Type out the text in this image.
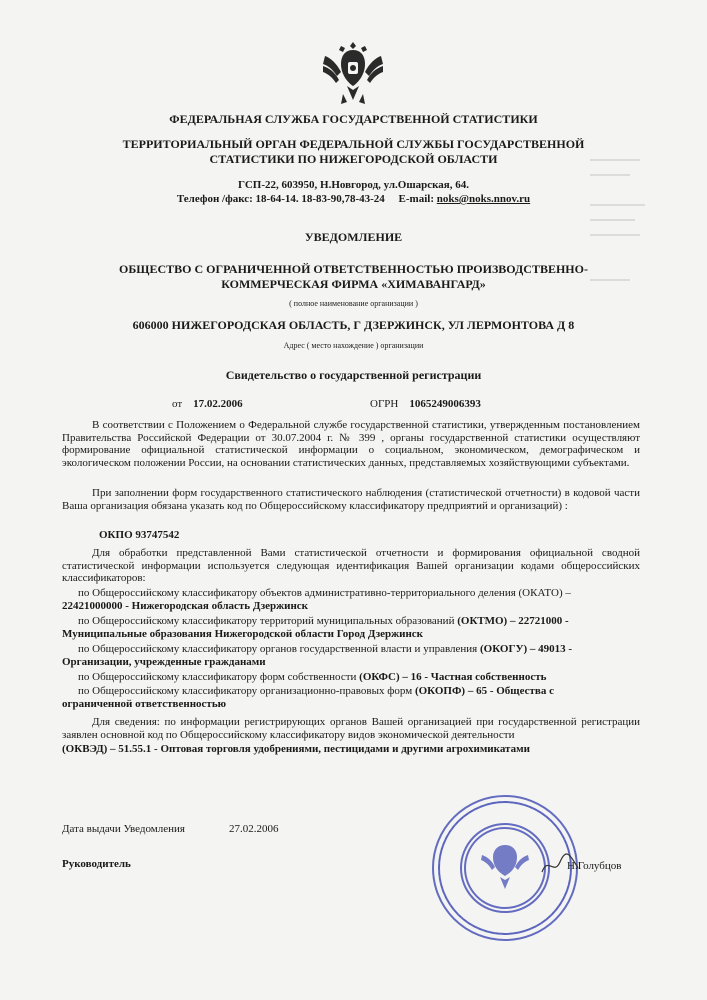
ФЕДЕРАЛЬНАЯ СЛУЖБА ГОСУДАРСТВЕННОЙ СТАТИСТИКИ
ТЕРРИТОРИАЛЬНЫЙ ОРГАН ФЕДЕРАЛЬНОЙ СЛУЖБЫ ГОСУДАРСТВЕННОЙ
СТАТИСТИКИ ПО НИЖЕГОРОДСКОЙ ОБЛАСТИ
ГСП-22, 603950, Н.Новгород, ул.Ошарская, 64.
Телефон /факс: 18-64-14. 18-83-90,78-43-24 E-mail: noks@noks.nnov.ru
УВЕДОМЛЕНИЕ
ОБЩЕСТВО С ОГРАНИЧЕННОЙ ОТВЕТСТВЕННОСТЬЮ ПРОИЗВОДСТВЕННО-
КОММЕРЧЕСКАЯ ФИРМА «ХИМАВАНГАРД»
( полное наименование организации )
606000 НИЖЕГОРОДСКАЯ ОБЛАСТЬ, Г ДЗЕРЖИНСК, УЛ ЛЕРМОНТОВА Д 8
Адрес ( место нахождение ) организации
Свидетельство о государственной регистрации
от 17.02.2006	ОГРН 1065249006393
В соответствии с Положением о Федеральной службе государственной статистики, утвержденным постановлением Правительства Российской Федерации от 30.07.2004 г. № 399 , органы государственной статистики осуществляют формирование официальной статистической информации о социальном, экономическом, демографическом и экологическом положении России, на основании статистических данных, представляемых хозяйствующими субъектами.
При заполнении форм государственного статистического наблюдения (статистической отчетности) в кодовой части Ваша организация обязана указать код по Общероссийскому классификатору предприятий и организаций) :
ОКПО 93747542
Для обработки представленной Вами статистической отчетности и формирования официальной сводной статистической информации используется следующая идентификация Вашей организации кодами общероссийских классификаторов:
по Общероссийскому классификатору объектов административно-территориального деления (ОКАТО) –
22421000000 - Нижегородская область Дзержинск
по Общероссийскому классификатору территорий муниципальных образований (ОКТМО) – 22721000 -
Муниципальные образования Нижегородской области Город Дзержинск
по Общероссийскому классификатору органов государственной власти и управления (ОКОГУ) – 49013 -
Организации, учрежденные гражданами
по Общероссийскому классификатору форм собственности (ОКФС) – 16 - Частная собственность
по Общероссийскому классификатору организационно-правовых форм (ОКОПФ) – 65 - Общества с
ограниченной ответственностью
Для сведения: по информации регистрирующих органов Вашей организацией при государственной регистрации заявлен основной код по Общероссийскому классификатору видов экономической деятельности
(ОКВЭД) – 51.55.1 - Оптовая торговля удобрениями, пестицидами и другими агрохимикатами
Дата выдачи Уведомления	27.02.2006
Руководитель	Н.Голубцов
